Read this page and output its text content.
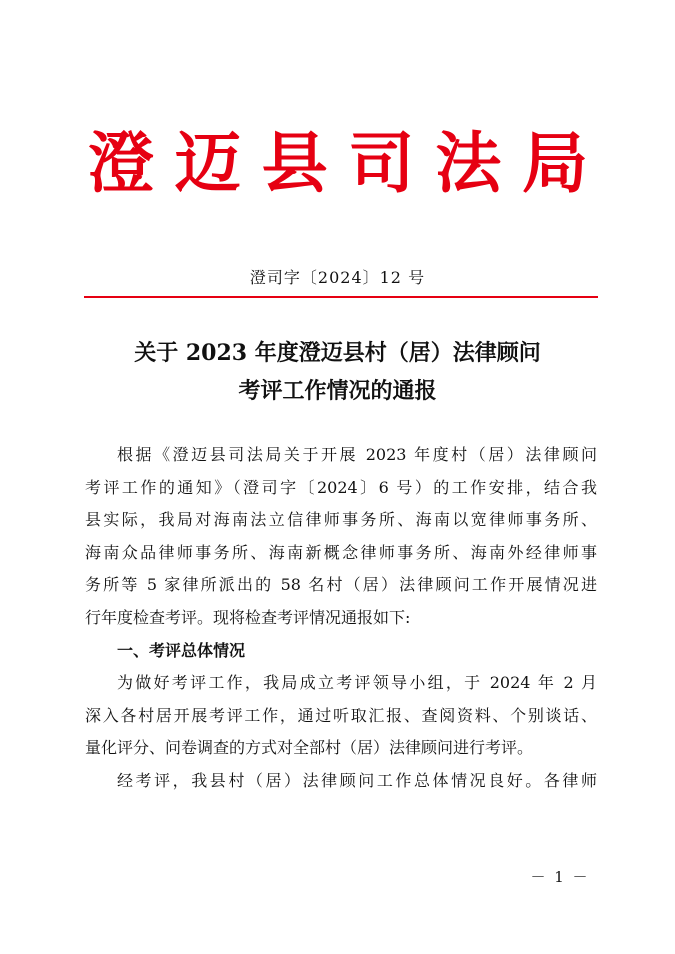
澄 迈 县 司 法 局
澄司字〔2024〕12 号
关于 2023 年度澄迈县村（居）法律顾问
考评工作情况的通报
根据《澄迈县司法局关于开展 2023 年度村（居）法律顾问
考评工作的通知》（澄司字〔2024〕6 号）的工作安排，结合我
县实际，我局对海南法立信律师事务所、海南以宽律师事务所、
海南众品律师事务所、海南新概念律师事务所、海南外经律师事
务所等 5 家律所派出的 58 名村（居）法律顾问工作开展情况进
行年度检查考评。现将检查考评情况通报如下:
一、考评总体情况
为做好考评工作，我局成立考评领导小组，于 2024 年 2 月
深入各村居开展考评工作，通过听取汇报、查阅资料、个别谈话、
量化评分、问卷调查的方式对全部村（居）法律顾问进行考评。
经考评，我县村（居）法律顾问工作总体情况良好。各律师
－ 1 －
